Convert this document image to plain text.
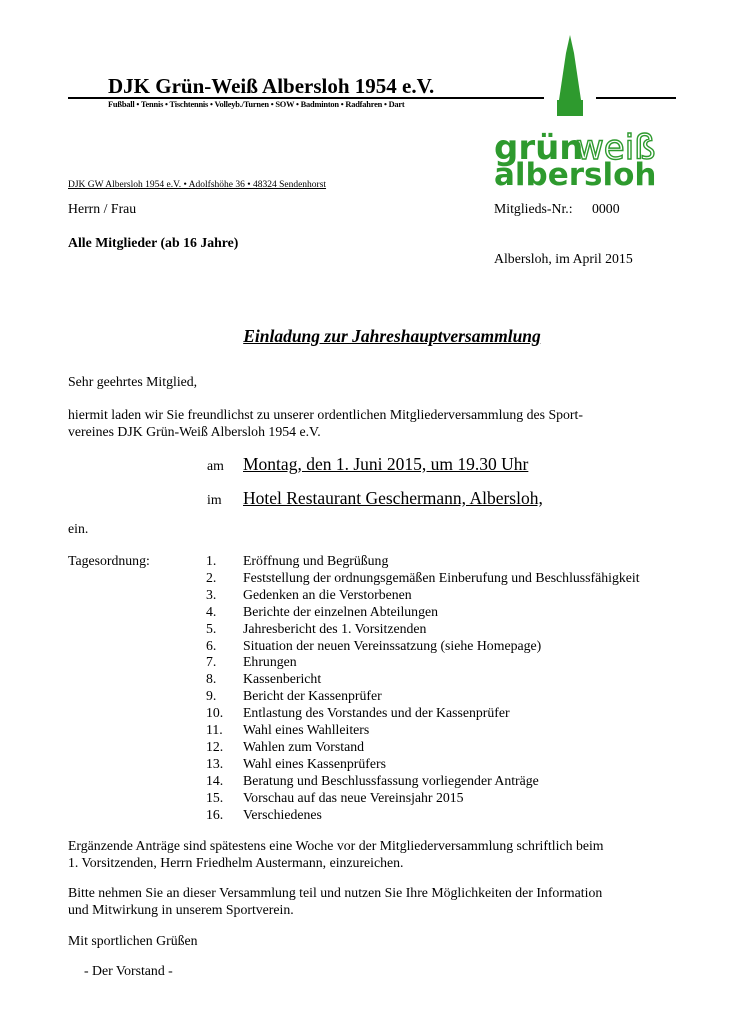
DJK Grün-Weiß Albersloh 1954 e.V.
Fußball • Tennis • Tischtennis • Volleyb./Turnen • SOW • Badminton • Radfahren • Dart
grün
weiß
albersloh
DJK GW Albersloh 1954 e.V. • Adolfshöhe 36 • 48324 Sendenhorst
Herrn / Frau
Alle Mitglieder (ab 16 Jahre)
Mitglieds-Nr.: 0000
Albersloh, im April 2015
Einladung zur Jahreshauptversammlung
Sehr geehrtes Mitglied,
hiermit laden wir Sie freundlichst zu unserer ordentlichen Mitgliederversammlung des Sport-
vereines DJK Grün-Weiß Albersloh 1954 e.V.
am Montag, den 1. Juni 2015, um 19.30 Uhr
im Hotel Restaurant Geschermann, Albersloh,
ein.
Tagesordnung:	1. Eröffnung und Begrüßung
2. Feststellung der ordnungsgemäßen Einberufung und Beschlussfähigkeit
3. Gedenken an die Verstorbenen
4. Berichte der einzelnen Abteilungen
5. Jahresbericht des 1. Vorsitzenden
6. Situation der neuen Vereinssatzung (siehe Homepage)
7. Ehrungen
8. Kassenbericht
9. Bericht der Kassenprüfer
10. Entlastung des Vorstandes und der Kassenprüfer
11. Wahl eines Wahlleiters
12. Wahlen zum Vorstand
13. Wahl eines Kassenprüfers
14. Beratung und Beschlussfassung vorliegender Anträge
15. Vorschau auf das neue Vereinsjahr 2015
16. Verschiedenes
Ergänzende Anträge sind spätestens eine Woche vor der Mitgliederversammlung schriftlich beim
1. Vorsitzenden, Herrn Friedhelm Austermann, einzureichen.
Bitte nehmen Sie an dieser Versammlung teil und nutzen Sie Ihre Möglichkeiten der Information
und Mitwirkung in unserem Sportverein.
Mit sportlichen Grüßen
- Der Vorstand -
